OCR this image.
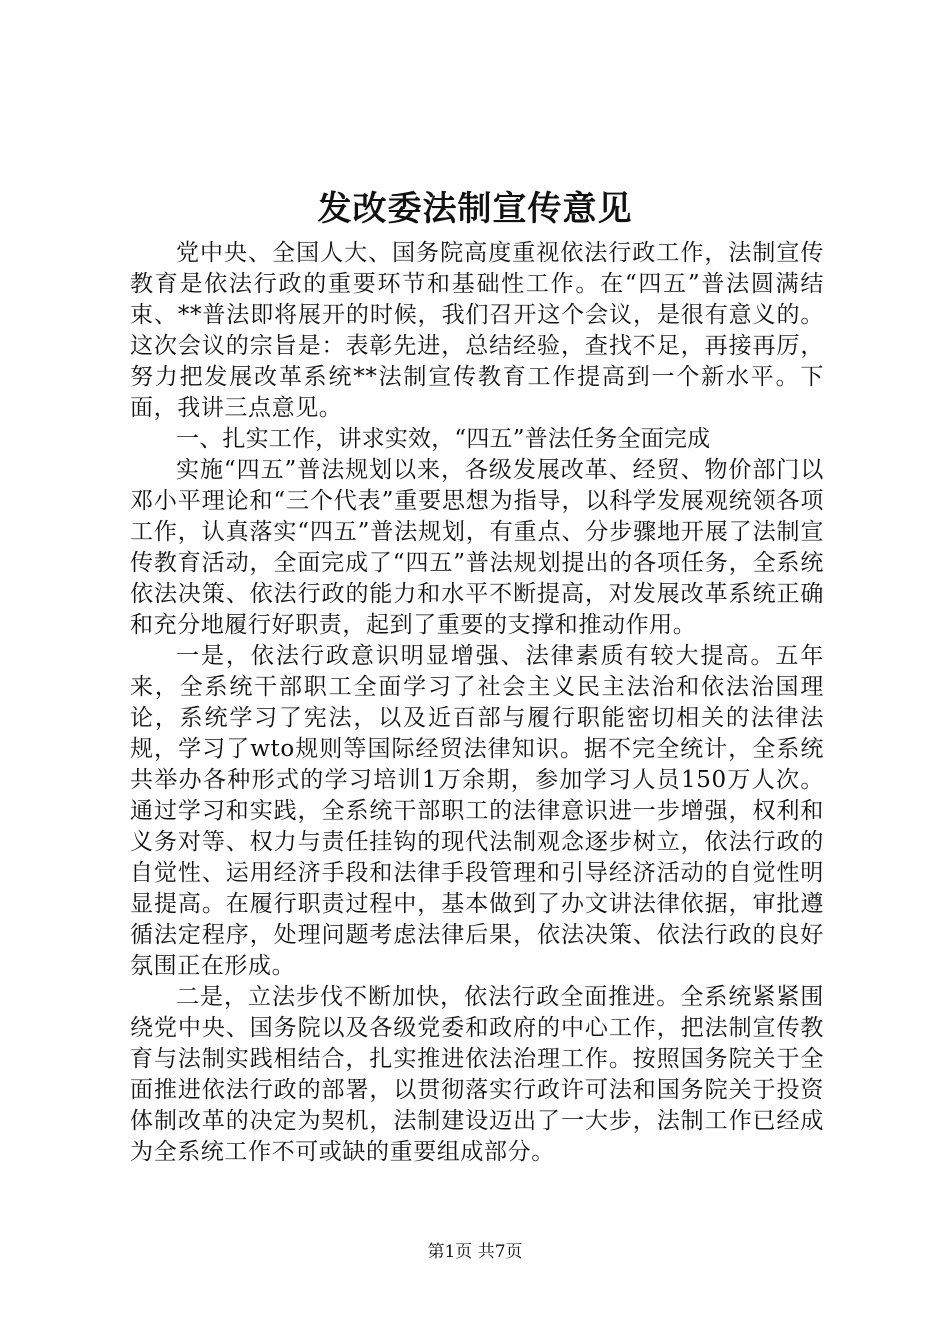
发改委法制宣传意见

党中央、全国人大、国务院高度重视依法行政工作，法制宣传教育是依法行政的重要环节和基础性工作。在“四五”普法圆满结束、**普法即将展开的时候，我们召开这个会议，是很有意义的。这次会议的宗旨是：表彰先进，总结经验，查找不足，再接再厉，努力把发展改革系统**法制宣传教育工作提高到一个新水平。下面，我讲三点意见。

一、扎实工作，讲求实效，“四五”普法任务全面完成

实施“四五”普法规划以来，各级发展改革、经贸、物价部门以邓小平理论和“三个代表”重要思想为指导，以科学发展观统领各项工作，认真落实“四五”普法规划，有重点、分步骤地开展了法制宣传教育活动，全面完成了“四五”普法规划提出的各项任务，全系统依法决策、依法行政的能力和水平不断提高，对发展改革系统正确和充分地履行好职责，起到了重要的支撑和推动作用。

一是，依法行政意识明显增强、法律素质有较大提高。五年来，全系统干部职工全面学习了社会主义民主法治和依法治国理论，系统学习了宪法，以及近百部与履行职能密切相关的法律法规，学习了wto规则等国际经贸法律知识。据不完全统计，全系统共举办各种形式的学习培训1万余期，参加学习人员150万人次。通过学习和实践，全系统干部职工的法律意识进一步增强，权利和义务对等、权力与责任挂钩的现代法制观念逐步树立，依法行政的自觉性、运用经济手段和法律手段管理和引导经济活动的自觉性明显提高。在履行职责过程中，基本做到了办文讲法律依据，审批遵循法定程序，处理问题考虑法律后果，依法决策、依法行政的良好氛围正在形成。

二是，立法步伐不断加快，依法行政全面推进。全系统紧紧围绕党中央、国务院以及各级党委和政府的中心工作，把法制宣传教育与法制实践相结合，扎实推进依法治理工作。按照国务院关于全面推进依法行政的部署，以贯彻落实行政许可法和国务院关于投资体制改革的决定为契机，法制建设迈出了一大步，法制工作已经成为全系统工作不可或缺的重要组成部分。

第1页 共7页
